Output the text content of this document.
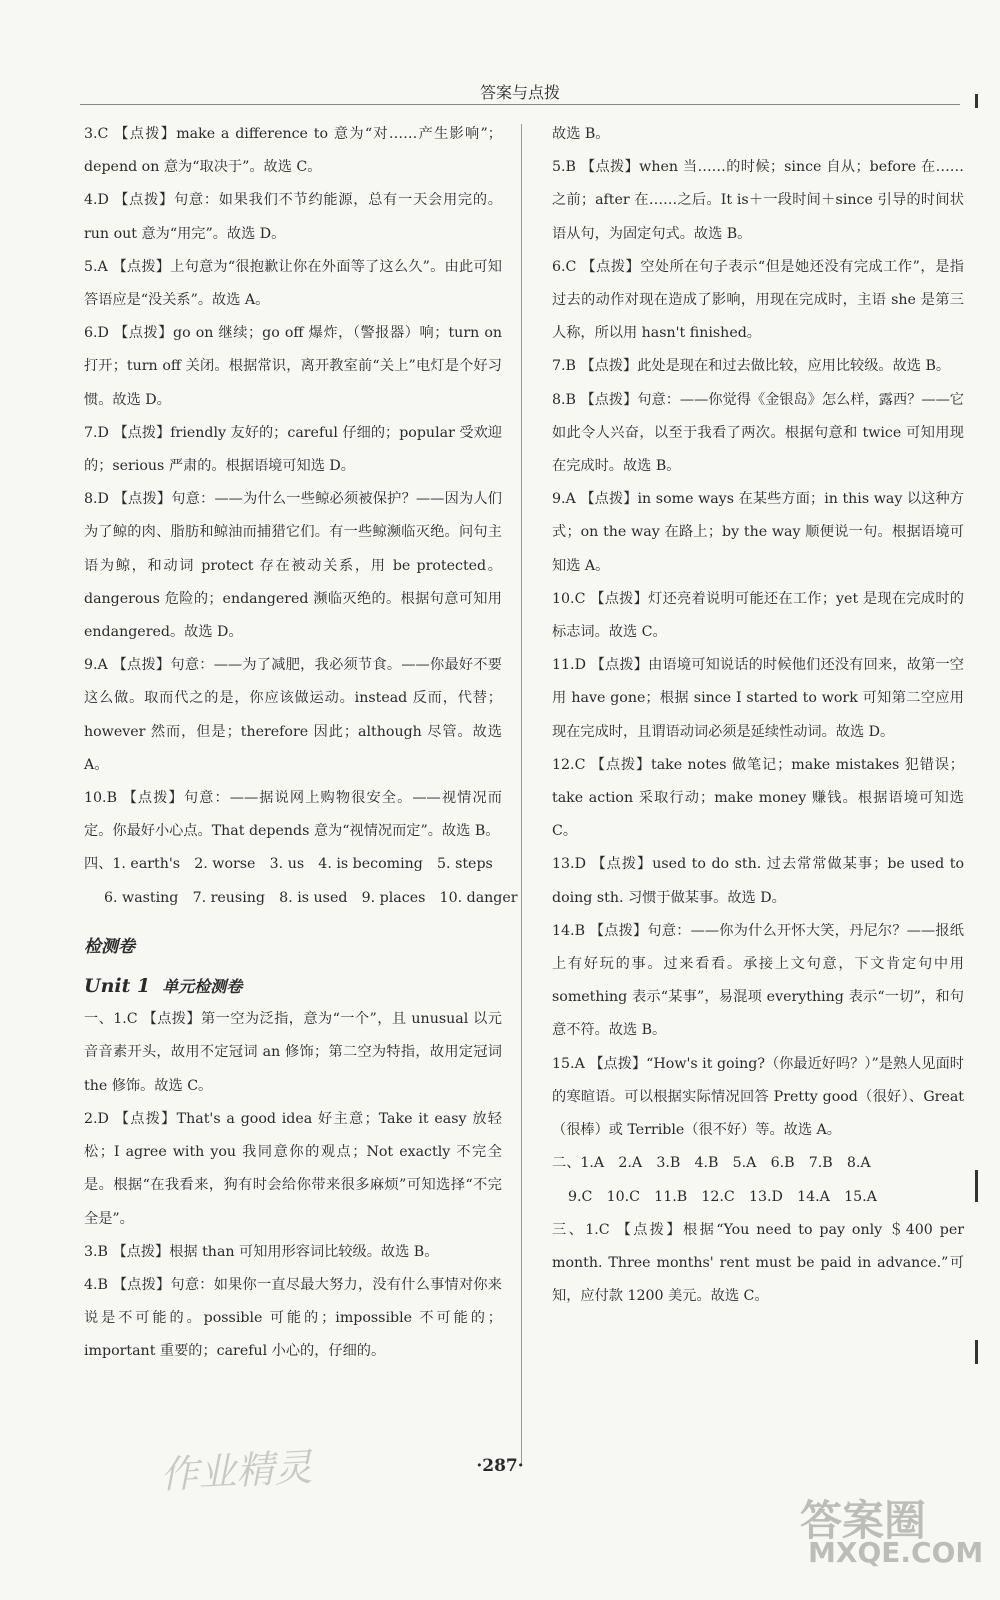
答案与点拨
3.C 【点拨】make a difference to 意为“对……产生影响”；depend on 意为“取决于”。故选 C。
4.D 【点拨】句意：如果我们不节约能源，总有一天会用完的。run out 意为“用完”。故选 D。
5.A 【点拨】上句意为“很抱歉让你在外面等了这么久”。由此可知答语应是“没关系”。故选 A。
6.D 【点拨】go on 继续；go off 爆炸，（警报器）响；turn on 打开；turn off 关闭。根据常识，离开教室前“关上”电灯是个好习惯。故选 D。
7.D 【点拨】friendly 友好的；careful 仔细的；popular 受欢迎的；serious 严肃的。根据语境可知选 D。
8.D 【点拨】句意：——为什么一些鲸必须被保护？——因为人们为了鲸的肉、脂肪和鲸油而捕猎它们。有一些鲸濒临灭绝。问句主语为鲸，和动词 protect 存在被动关系，用 be protected。dangerous 危险的；endangered 濒临灭绝的。根据句意可知用 endangered。故选 D。
9.A 【点拨】句意：——为了减肥，我必须节食。——你最好不要这么做。取而代之的是，你应该做运动。instead 反而，代替；however 然而，但是；therefore 因此；although 尽管。故选 A。
10.B 【点拨】句意：——据说网上购物很安全。——视情况而定。你最好小心点。That depends 意为“视情况而定”。故选 B。
四、1. earth's　2. worse　3. us　4. is becoming　5. steps
6. wasting　7. reusing　8. is used　9. places　10. danger
检测卷
Unit 1 单元检测卷
一、1.C 【点拨】第一空为泛指，意为“一个”，且 unusual 以元音音素开头，故用不定冠词 an 修饰；第二空为特指，故用定冠词 the 修饰。故选 C。
2.D 【点拨】That's a good idea 好主意；Take it easy 放轻松；I agree with you 我同意你的观点；Not exactly 不完全是。根据“在我看来，狗有时会给你带来很多麻烦”可知选择“不完全是”。
3.B 【点拨】根据 than 可知用形容词比较级。故选 B。
4.B 【点拨】句意：如果你一直尽最大努力，没有什么事情对你来说是不可能的。possible 可能的；impossible 不可能的；important 重要的；careful 小心的，仔细的。
故选 B。
5.B 【点拨】when 当……的时候；since 自从；before 在……之前；after 在……之后。It is＋一段时间＋since 引导的时间状语从句，为固定句式。故选 B。
6.C 【点拨】空处所在句子表示“但是她还没有完成工作”，是指过去的动作对现在造成了影响，用现在完成时，主语 she 是第三人称，所以用 hasn't finished。
7.B 【点拨】此处是现在和过去做比较，应用比较级。故选 B。
8.B 【点拨】句意：——你觉得《金银岛》怎么样，露西？——它如此令人兴奋，以至于我看了两次。根据句意和 twice 可知用现在完成时。故选 B。
9.A 【点拨】in some ways 在某些方面；in this way 以这种方式；on the way 在路上；by the way 顺便说一句。根据语境可知选 A。
10.C 【点拨】灯还亮着说明可能还在工作；yet 是现在完成时的标志词。故选 C。
11.D 【点拨】由语境可知说话的时候他们还没有回来，故第一空用 have gone；根据 since I started to work 可知第二空应用现在完成时，且谓语动词必须是延续性动词。故选 D。
12.C 【点拨】take notes 做笔记；make mistakes 犯错误；take action 采取行动；make money 赚钱。根据语境可知选 C。
13.D 【点拨】used to do sth. 过去常常做某事；be used to doing sth. 习惯于做某事。故选 D。
14.B 【点拨】句意：——你为什么开怀大笑，丹尼尔？——报纸上有好玩的事。过来看看。承接上文句意，下文肯定句中用 something 表示“某事”，易混项 everything 表示“一切”，和句意不符。故选 B。
15.A 【点拨】“How's it going?（你最近好吗？）”是熟人见面时的寒暄语。可以根据实际情况回答 Pretty good（很好）、Great（很棒）或 Terrible（很不好）等。故选 A。
二、1.A　2.A　3.B　4.B　5.A　6.B　7.B　8.A
9.C　10.C　11.B　12.C　13.D　14.A　15.A
三、1.C 【点拨】根据“You need to pay only ＄400 per month. Three months' rent must be paid in advance.”可知，应付款 1200 美元。故选 C。
·287·
作业精灵
答案圈
MXQE.COM
